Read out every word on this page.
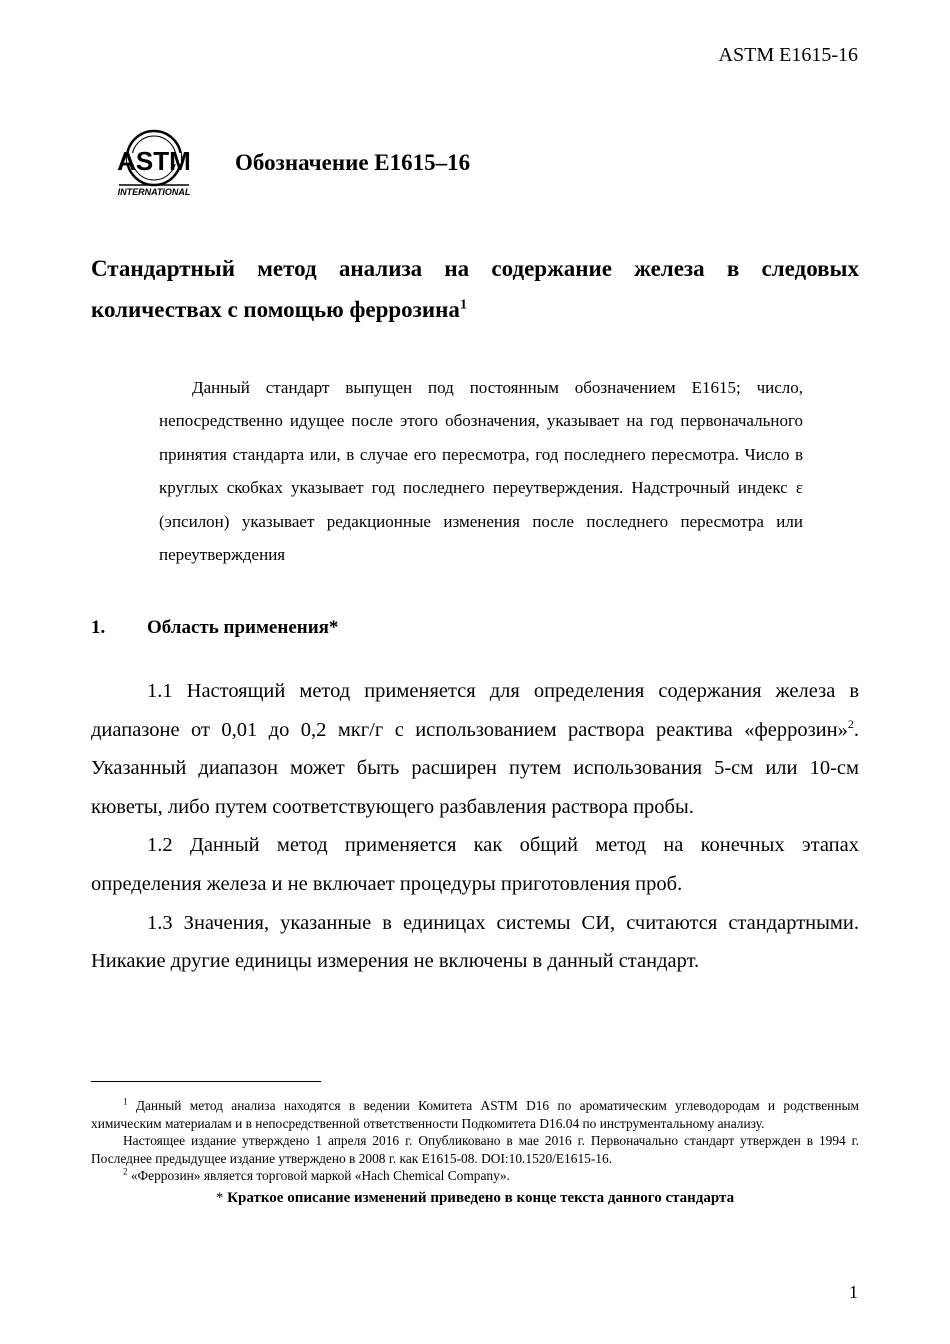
ASTM E1615-16
ASTM
INTERNATIONAL
Обозначение E1615–16
Стандартный метод анализа на содержание железа в следовых количествах с помощью феррозина$^1$
Данный стандарт выпущен под постоянным обозначением E1615; число, непосредственно идущее после этого обозначения, указывает на год первоначального принятия стандарта или, в случае его пересмотра, год последнего пересмотра. Число в круглых скобках указывает год последнего переутверждения. Надстрочный индекс ε (эпсилон) указывает редакционные изменения после последнего пересмотра или переутверждения
1. Область применения*

1.1 Настоящий метод применяется для определения содержания железа в диапазоне от 0,01 до 0,2 мкг/г с использованием раствора реактива «феррозин»$^2$. Указанный диапазон может быть расширен путем использования 5-см или 10-см кюветы, либо путем соответствующего разбавления раствора пробы.

1.2 Данный метод применяется как общий метод на конечных этапах определения железа и не включает процедуры приготовления проб.

1.3 Значения, указанные в единицах системы СИ, считаются стандартными. Никакие другие единицы измерения не включены в данный стандарт.

$^1$ Данный метод анализа находятся в ведении Комитета ASTM D16 по ароматическим углеводородам и родственным химическим материалам и в непосредственной ответственности Подкомитета D16.04 по инструментальному анализу.

Настоящее издание утверждено 1 апреля 2016 г. Опубликовано в мае 2016 г. Первоначально стандарт утвержден в 1994 г. Последнее предыдущее издание утверждено в 2008 г. как E1615-08. DOI:10.1520/E1615-16.

$^2$ «Феррозин» является торговой маркой «Hach Chemical Company».

* Краткое описание изменений приведено в конце текста данного стандарта

1
